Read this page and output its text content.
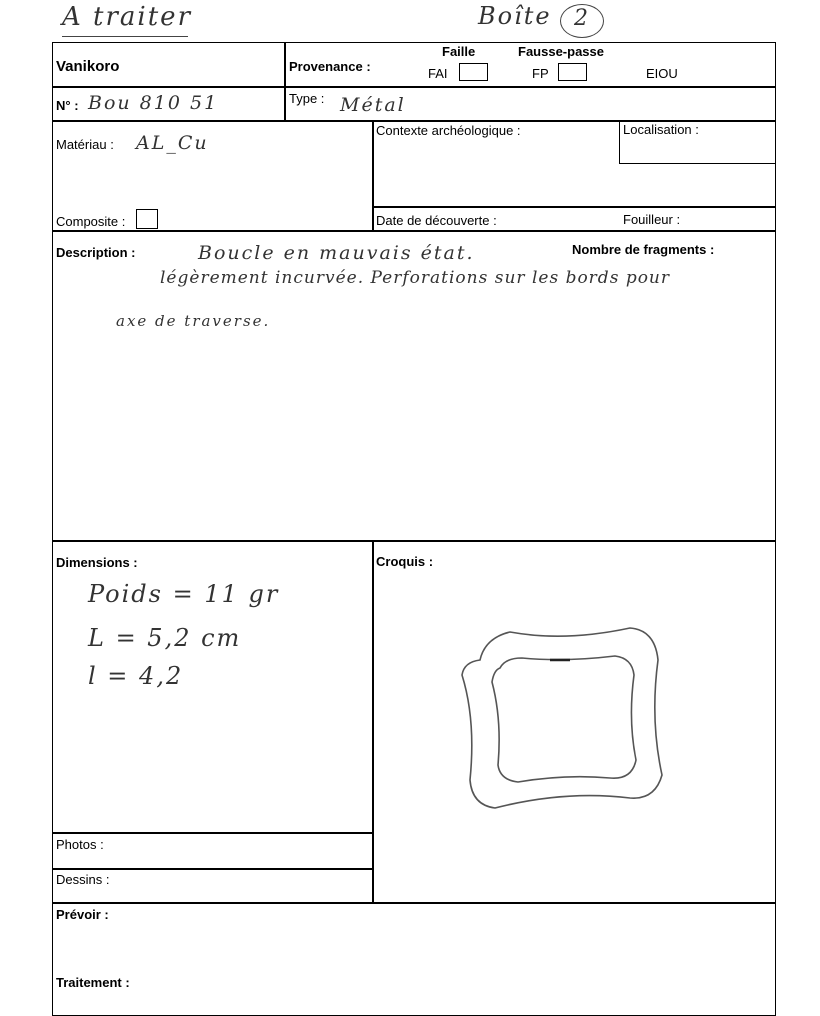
A traiter	Boîte 2
Vanikoro	Provenance :
Faille	Fausse-passe
FAI	FP	EIOU
N° : Bou 810 51	Type : Métal
Matériau : AL_Cu
Composite :
Contexte archéologique :	Localisation :
Date de découverte :	Fouilleur :
Description :	Nombre de fragments :
Boucle en mauvais état.
légèrement incurvée. Perforations sur les bords pour
axe de traverse.
Dimensions :
Poids = 11 gr
L = 5,2 cm
l = 4,2
Croquis :
Photos :
Dessins :
Prévoir :
Traitement :
